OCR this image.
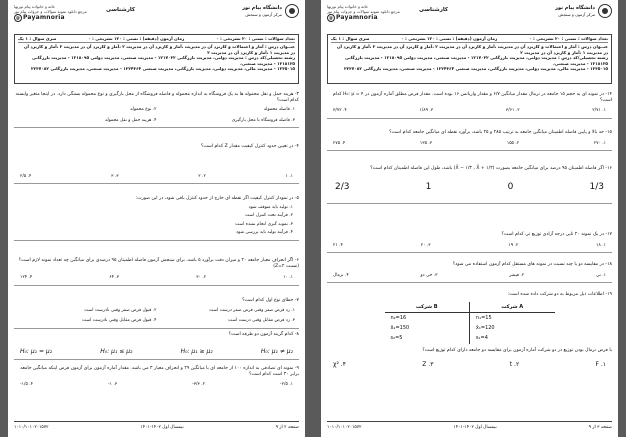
دانشگاه پیام نور
مرکز آزمون و سنجش
کارشناسی
خانه و خانواده پیام نوریها
مرجع دانلود نمونه سوالات و جزوات پیام نور
@ Payamnoria
تعداد سوالات : تستی : ۲۰ تشریحی : ۰
زمان آزمون (دقیقه) : تستی : ۱۲۰ تشریحی : ۰
سری سوال : ۱ یک
عنــوان درس : آمار و احتمالات و کاربرد آن در مدیریت ،آمار و کاربرد آن در مدیریت ۲ ،آمار و کاربرد آن در مدیریت ۲ ،آمار و کاربرد آن در مدیریت ۱ ،آمار و کاربرد آن در مدیریت ۲
رشته تحصیلی/کد درس : مدیریت دولتی، مدیریت بازرگانی ۱۲۱۷۰۳۲ - مدیریت صنعتی، مدیریت دولتی ۱۲۱۸۰۹۵ - مدیریت بازرگانی ۱۲۱۸۱۳۵ - مدیریت صنعتی،
۱۲۳۵۰۱۵ - مدیریت مالی، مدیریت دولتی، مدیریت بازرگانی، مدیریت صنعتی ۱۲۲۴۳۶۴ - مدیریت صنعتی، مدیریت بازرگانی ۲۲۳۷۰۸۲
۳- هزینه حمل و نقل محموله ها به یک فروشگاه به اندازه محموله و فاصله فروشگاه از محل بارگیری و نوع محموله بستگی دارد. در اینجا متغیر وابسته کدام است؟
۱. فاصله محموله
۲. نوع محموله
۳. فاصله فروشگاه تا محل بارگیری
۴. هزینه حمل و نقل محموله
۴- در تعیین حدود کنترل کیفیت مقدار Z کدام است؟
۱. ۱
۲. ۲
۳. ۳
۴. ۲/۵
۵- در نمودار کنترل کیفیت اگر نقطه ای خارج از حدود کنترل باقی شود، در این صورت:
۱. تولید باید متوقف شود
۲. فرآیند تحت کنترل است
۳. نمونه گیری انجام نشده است
۴. فرآیند تولید باید بررسی شود
۶- اگر انحراف معیار جامعه ۲۰ و میزان دقت برآورد ۵ باشد، برای سنجش آزمون فاصله اطمینان ۹۵ درصدی برای میانگین چه تعداد نمونه لازم است؟ (نسبت Z=۲)
۱. ۱۰
۲. ۳۰
۳. ۶۴
۴. ۱۲۴
۷- خطای نوع اول کدام است؟
۱. رد فرض صفر وقتی فرض صفر درست است
۲. قبول فرض صفر وقتی نادرست است
۳. رد فرض مقابل وقتی درست است
۴. قبول فرض مقابل وقتی نادرست است
۸- کدام گزینه آزمون دو طرفه است؟
H₀: μ₁ = μ₂	H₀: μ₁ ≤ μ₂	H₀: μ₁ ≥ μ₂	H₀: μ₁ ≠ μ₂
۹- نمونه ای تصادفی به اندازه ۱۰۰ از جامعه ای با میانگین ۲۹ و انحراف معیار ۳ می باشد. مقدار آماره آزمون برای آزمون فرض اینکه میانگین جامعه برابر ۳۰ است کدام است؟
۱. ۲/۵-
۲. ۳/۳-
۳. ۱-
۴. ۱/۵-
صفحه ۲ از ۹
نیمسال اول ۱۴۰۲-۱۴۰۱
۱۰۱۰/۱۰۱۰۲۰۱۵۷۲
دانشگاه پیام نور
مرکز آزمون و سنجش
کارشناسی
خانه و خانواده پیام نوریها
مرجع دانلود نمونه سوالات و جزوات پیام نور
@ Payamnoria
تعداد سوالات : تستی : ۲۰ تشریحی : ۰
زمان آزمون (دقیقه) : تستی : ۱۲۰ تشریحی : ۰
سری سوال : ۱ یک
عنــوان درس : آمار و احتمالات و کاربرد آن در مدیریت ،آمار و کاربرد آن در مدیریت ۲ ،آمار و کاربرد آن در مدیریت ۲ ،آمار و کاربرد آن در مدیریت ۱ ،آمار و کاربرد آن در مدیریت ۲
رشته تحصیلی/کد درس : مدیریت دولتی، مدیریت بازرگانی ۱۲۱۷۰۳۲ - مدیریت صنعتی، مدیریت دولتی ۱۲۱۸۰۹۵ - مدیریت بازرگانی ۱۲۱۸۱۳۵ - مدیریت صنعتی،
۱۲۳۵۰۱۵ - مدیریت مالی، مدیریت دولتی، مدیریت بازرگانی، مدیریت صنعتی ۱۲۲۴۳۶۴ - مدیریت صنعتی، مدیریت بازرگانی ۲۲۳۷۰۸۲
۱۴- در نمونه ای به حجم ۱۵ جامعه در نرمال مقدار میانگین ۶/۷ و مقدار واریانس ۱۶ بوده است. مقدار فرض مطلق آماره آزمون در H₀: μ = ۴ کدام است؟
۱. ۲/۷۱
۲. ۳/۶۱
۳. ۱/۸۹
۴. ۳/۷۲
۱۵- حد بالا و پایین فاصله اطمینان میانگین جامعه به ترتیب ۲۸۵ و ۲۵ باشد، برآورد نقطه ای میانگین جامعه کدام است؟
۱. ۲۷۰
۲. ۱۵۵
۳. ۱۳۵
۴. ۲۷۵
۱۶- اگر فاصله اطمینان ۹۵ درصد برای میانگین جامعه بصورت (X̄ − ۱/۳ , X̄ + ۱/۳) باشد، طول این فاصله اطمینان کدام است؟
2/3	1	0	1/3
۱۷- در یک نمونه ۲۰ تایی درجه آزادی توزیع تی کدام است؟
۱. ۱۸
۲. ۱۹
۳. ۲۰
۴. ۲۱
۱۸- در مقایسه دو یا چند نسبت در نمونه های مستقل کدام آزمون استفاده می شود؟
۱. تی
۲. فیشر
۳. خی دو
۴. نرمال
۱۹- اطلاعات ذیل مربوط به دو شرکت داده شده است:
شرکت B	شرکت A
n₂=16	n₁=15
x̄₂=150	x̄₁=120
s₂=5	s₁=4
با فرض نرمال بودن توزیع در دو شرکت آماره آزمون برای مقایسه دو جامعه دارای کدام توزیع است؟
۱. F
۲. t
۳. Z
۴. χ²
صفحه ۳ از ۹
نیمسال اول ۱۴۰۲-۱۴۰۱
۱۰۱۰/۱۰۱۰۲۰۱۵۷۲
